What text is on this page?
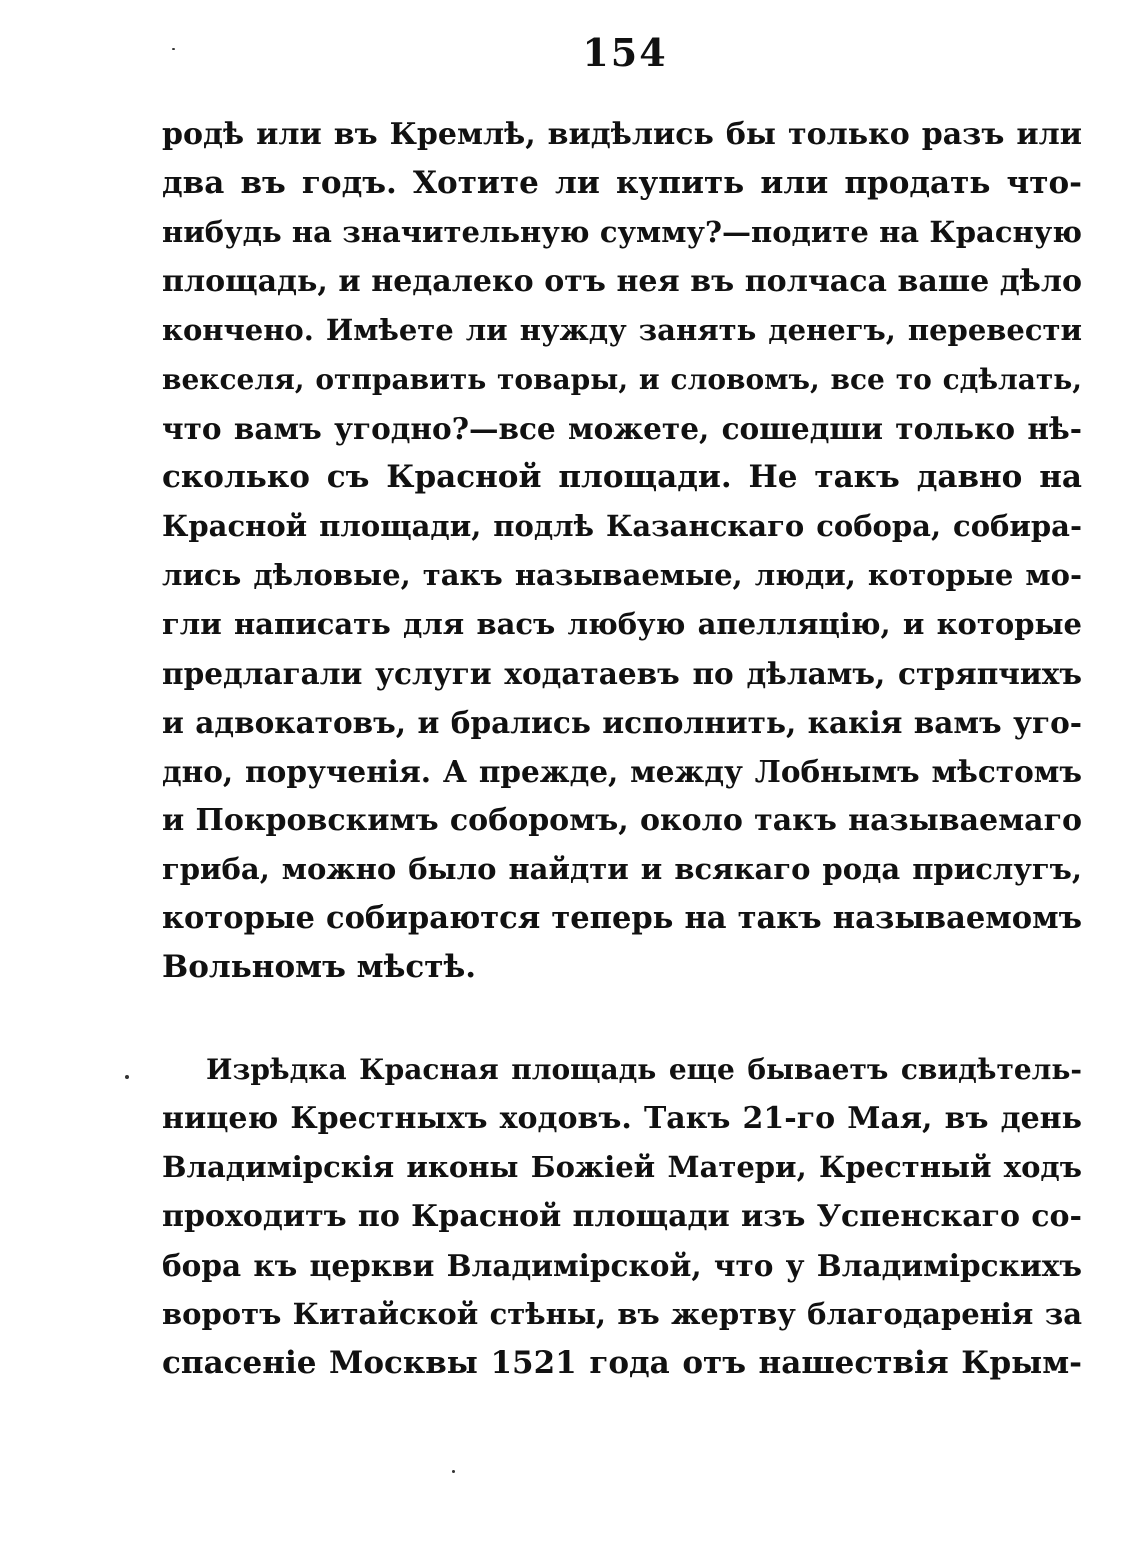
154
родѣ или въ Кремлѣ, видѣлись бы только разъ или
два въ годъ. Хотите ли купить или продать что-
нибудь на значительную сумму?—подите на Красную
площадь, и недалеко отъ нея въ полчаса ваше дѣло
кончено. Имѣете ли нужду занять денегъ, перевести
векселя, отправить товары, и словомъ, все то сдѣлать,
что вамъ угодно?—все можете, сошедши только нѣ-
сколько съ Красной площади. Не такъ давно на
Красной площади, подлѣ Казанскаго собора, собира-
лись дѣловые, такъ называемые, люди, которые мо-
гли написать для васъ любую апелляцію, и которые
предлагали услуги ходатаевъ по дѣламъ, стряпчихъ
и адвокатовъ, и брались исполнить, какія вамъ уго-
дно, порученія. А прежде, между Лобнымъ мѣстомъ
и Покровскимъ соборомъ, около такъ называемаго
гриба, можно было найдти и всякаго рода прислугъ,
которые собираются теперь на такъ называемомъ
Вольномъ мѣстѣ.
Изрѣдка Красная площадь еще бываетъ свидѣтель-
ницею Крестныхъ ходовъ. Такъ 21-го Мая, въ день
Владимірскія иконы Божіей Матери, Крестный ходъ
проходитъ по Красной площади изъ Успенскаго со-
бора къ церкви Владимірской, что у Владимірскихъ
воротъ Китайской стѣны, въ жертву благодаренія за
спасеніе Москвы 1521 года отъ нашествія Крым-
